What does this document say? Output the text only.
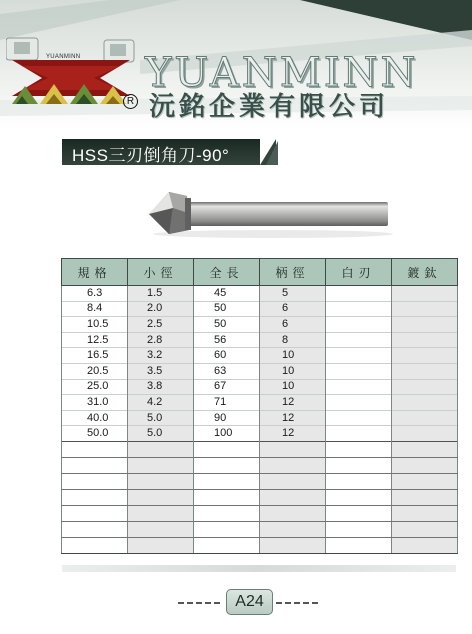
YUANMINN
R
YUANMINN
沅銘企業有限公司
HSS三刃倒角刀-90°
規格	小徑	全長	柄徑	白刃	鍍鈦
6.3	1.5	45	5		
8.4	2.0	50	6		
10.5	2.5	50	6		
12.5	2.8	56	8		
16.5	3.2	60	10		
20.5	3.5	63	10		
25.0	3.8	67	10		
31.0	4.2	71	12		
40.0	5.0	90	12		
50.0	5.0	100	12		

A24
